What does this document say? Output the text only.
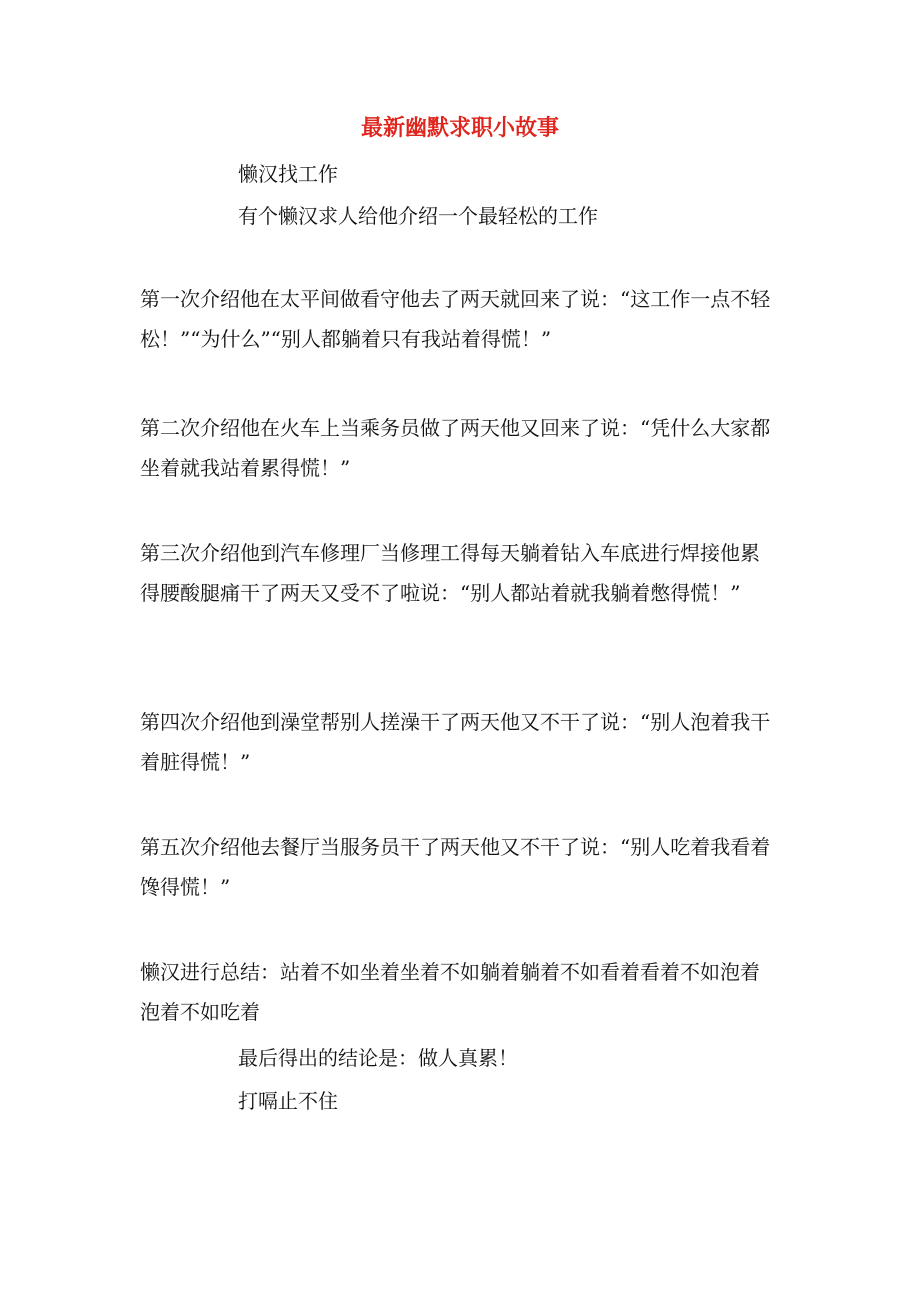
最新幽默求职小故事
懒汉找工作
有个懒汉求人给他介绍一个最轻松的工作
第一次介绍他在太平间做看守他去了两天就回来了说：“这工作一点不轻松！”“为什么”“别人都躺着只有我站着得慌！”
第二次介绍他在火车上当乘务员做了两天他又回来了说：“凭什么大家都坐着就我站着累得慌！”
第三次介绍他到汽车修理厂当修理工得每天躺着钻入车底进行焊接他累得腰酸腿痛干了两天又受不了啦说：“别人都站着就我躺着憋得慌！”
第四次介绍他到澡堂帮别人搓澡干了两天他又不干了说：“别人泡着我干着脏得慌！”
第五次介绍他去餐厅当服务员干了两天他又不干了说：“别人吃着我看着馋得慌！”
懒汉进行总结：站着不如坐着坐着不如躺着躺着不如看着看着不如泡着泡着不如吃着
最后得出的结论是：做人真累！
打嗝止不住
